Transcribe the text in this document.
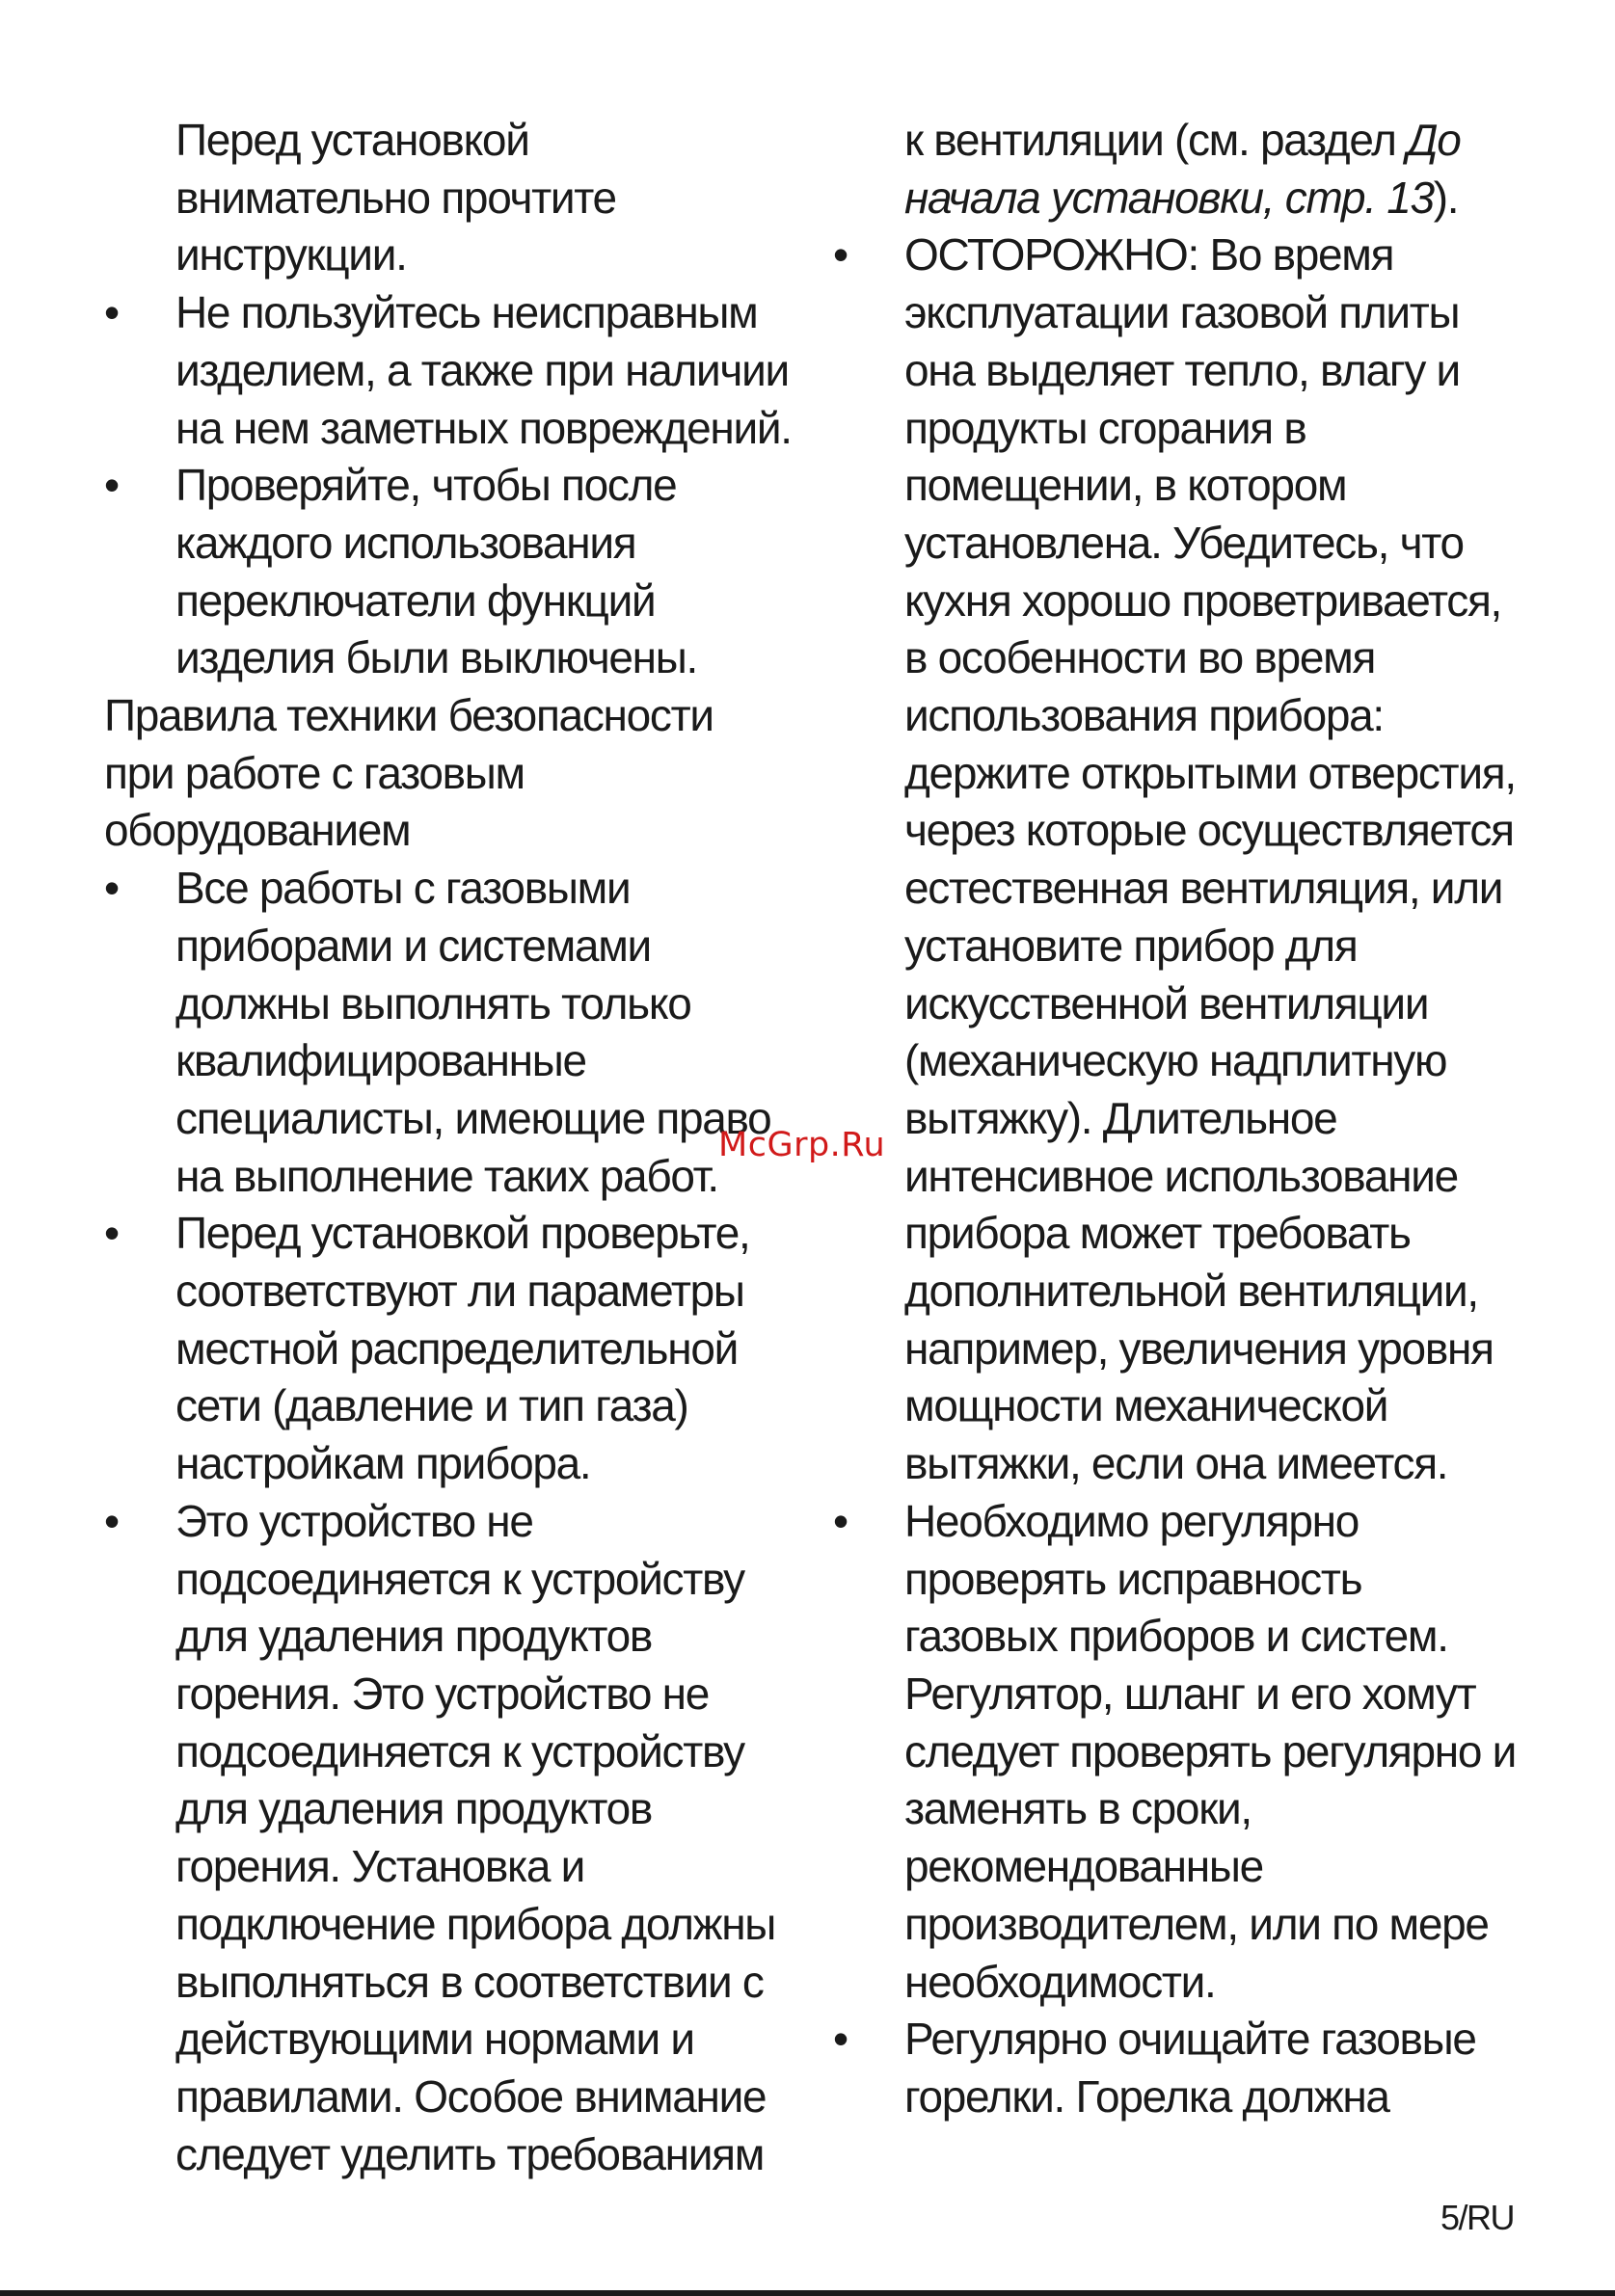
Перед установкой
внимательно прочтите
инструкции.
•	Не пользуйтесь неисправным
изделием, а также при наличии
на нем заметных повреждений.
•	Проверяйте, чтобы после
каждого использования
переключатели функций
изделия были выключены.
Правила техники безопасности
при работе с газовым
оборудованием
•	Все работы с газовыми
приборами и системами
должны выполнять только
квалифицированные
специалисты, имеющие право
на выполнение таких работ.
•	Перед установкой проверьте,
соответствуют ли параметры
местной распределительной
сети (давление и тип газа)
настройкам прибора.
•	Это устройство не
подсоединяется к устройству
для удаления продуктов
горения. Это устройство не
подсоединяется к устройству
для удаления продуктов
горения. Установка и
подключение прибора должны
выполняться в соответствии с
действующими нормами и
правилами. Особое внимание
следует уделить требованиям
к вентиляции (см. раздел До
начала установки, стр. 13).
•	ОСТОРОЖНО: Во время
эксплуатации газовой плиты
она выделяет тепло, влагу и
продукты сгорания в
помещении, в котором
установлена. Убедитесь, что
кухня хорошо проветривается,
в особенности во время
использования прибора:
держите открытыми отверстия,
через которые осуществляется
естественная вентиляция, или
установите прибор для
искусственной вентиляции
(механическую надплитную
вытяжку). Длительное
интенсивное использование
прибора может требовать
дополнительной вентиляции,
например, увеличения уровня
мощности механической
вытяжки, если она имеется.
•	Необходимо регулярно
проверять исправность
газовых приборов и систем.
Регулятор, шланг и его хомут
следует проверять регулярно и
заменять в сроки,
рекомендованные
производителем, или по мере
необходимости.
•	Регулярно очищайте газовые
горелки. Горелка должна
McGrp.Ru
5/RU
